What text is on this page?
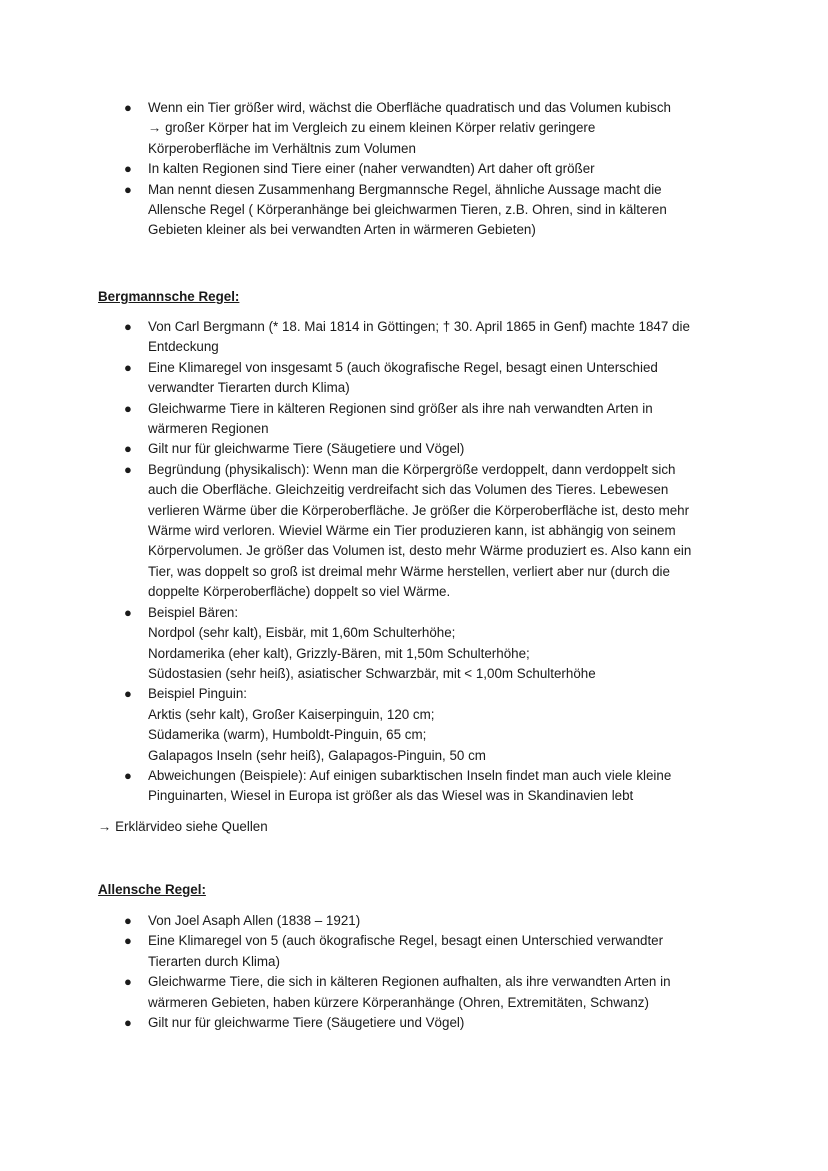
● Wenn ein Tier größer wird, wächst die Oberfläche quadratisch und das Volumen kubisch
→ großer Körper hat im Vergleich zu einem kleinen Körper relativ geringere
Körperoberfläche im Verhältnis zum Volumen
● In kalten Regionen sind Tiere einer (naher verwandten) Art daher oft größer
● Man nennt diesen Zusammenhang Bergmannsche Regel, ähnliche Aussage macht die
Allensche Regel ( Körperanhänge bei gleichwarmen Tieren, z.B. Ohren, sind in kälteren
Gebieten kleiner als bei verwandten Arten in wärmeren Gebieten)
Bergmannsche Regel:
● Von Carl Bergmann (* 18. Mai 1814 in Göttingen; † 30. April 1865 in Genf) machte 1847 die
Entdeckung
● Eine Klimaregel von insgesamt 5 (auch ökografische Regel, besagt einen Unterschied
verwandter Tierarten durch Klima)
● Gleichwarme Tiere in kälteren Regionen sind größer als ihre nah verwandten Arten in
wärmeren Regionen
● Gilt nur für gleichwarme Tiere (Säugetiere und Vögel)
● Begründung (physikalisch): Wenn man die Körpergröße verdoppelt, dann verdoppelt sich
auch die Oberfläche. Gleichzeitig verdreifacht sich das Volumen des Tieres. Lebewesen
verlieren Wärme über die Körperoberfläche. Je größer die Körperoberfläche ist, desto mehr
Wärme wird verloren. Wieviel Wärme ein Tier produzieren kann, ist abhängig von seinem
Körpervolumen. Je größer das Volumen ist, desto mehr Wärme produziert es. Also kann ein
Tier, was doppelt so groß ist dreimal mehr Wärme herstellen, verliert aber nur (durch die
doppelte Körperoberfläche) doppelt so viel Wärme.
● Beispiel Bären:
Nordpol (sehr kalt), Eisbär, mit 1,60m Schulterhöhe;
Nordamerika (eher kalt), Grizzly-Bären, mit 1,50m Schulterhöhe;
Südostasien (sehr heiß), asiatischer Schwarzbär, mit < 1,00m Schulterhöhe
● Beispiel Pinguin:
Arktis (sehr kalt), Großer Kaiserpinguin, 120 cm;
Südamerika (warm), Humboldt-Pinguin, 65 cm;
Galapagos Inseln (sehr heiß), Galapagos-Pinguin, 50 cm
● Abweichungen (Beispiele): Auf einigen subarktischen Inseln findet man auch viele kleine
Pinguinarten, Wiesel in Europa ist größer als das Wiesel was in Skandinavien lebt
→ Erklärvideo siehe Quellen
Allensche Regel:
● Von Joel Asaph Allen (1838 – 1921)
● Eine Klimaregel von 5 (auch ökografische Regel, besagt einen Unterschied verwandter
Tierarten durch Klima)
● Gleichwarme Tiere, die sich in kälteren Regionen aufhalten, als ihre verwandten Arten in
wärmeren Gebieten, haben kürzere Körperanhänge (Ohren, Extremitäten, Schwanz)
● Gilt nur für gleichwarme Tiere (Säugetiere und Vögel)
